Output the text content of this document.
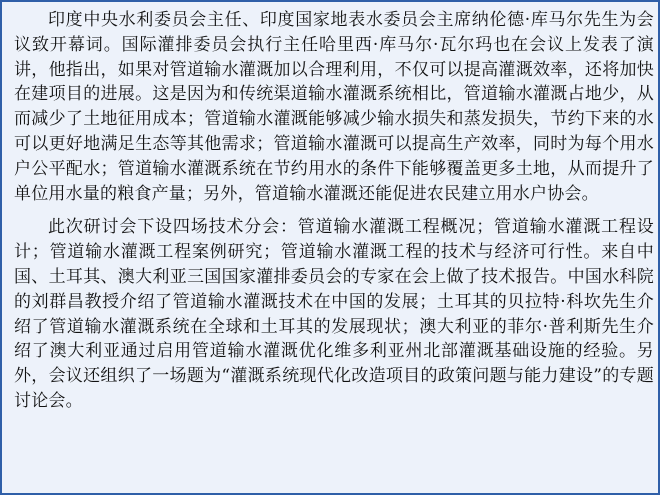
印度中央水利委员会主任、印度国家地表水委员会主席纳伦德·库马尔先生为会议致开幕词。国际灌排委员会执行主任哈里西·库马尔·瓦尔玛也在会议上发表了演讲，他指出，如果对管道输水灌溉加以合理利用，不仅可以提高灌溉效率，还将加快在建项目的进展。这是因为和传统渠道输水灌溉系统相比，管道输水灌溉占地少，从而减少了土地征用成本；管道输水灌溉能够减少输水损失和蒸发损失，节约下来的水可以更好地满足生态等其他需求；管道输水灌溉可以提高生产效率，同时为每个用水户公平配水；管道输水灌溉系统在节约用水的条件下能够覆盖更多土地，从而提升了单位用水量的粮食产量；另外，管道输水灌溉还能促进农民建立用水户协会。

此次研讨会下设四场技术分会：管道输水灌溉工程概况；管道输水灌溉工程设计；管道输水灌溉工程案例研究；管道输水灌溉工程的技术与经济可行性。来自中国、土耳其、澳大利亚三国国家灌排委员会的专家在会上做了技术报告。中国水科院的刘群昌教授介绍了管道输水灌溉技术在中国的发展；土耳其的贝拉特·科坎先生介绍了管道输水灌溉系统在全球和土耳其的发展现状；澳大利亚的菲尔·普利斯先生介绍了澳大利亚通过启用管道输水灌溉优化维多利亚州北部灌溉基础设施的经验。另外，会议还组织了一场题为“灌溉系统现代化改造项目的政策问题与能力建设”的专题讨论会。
